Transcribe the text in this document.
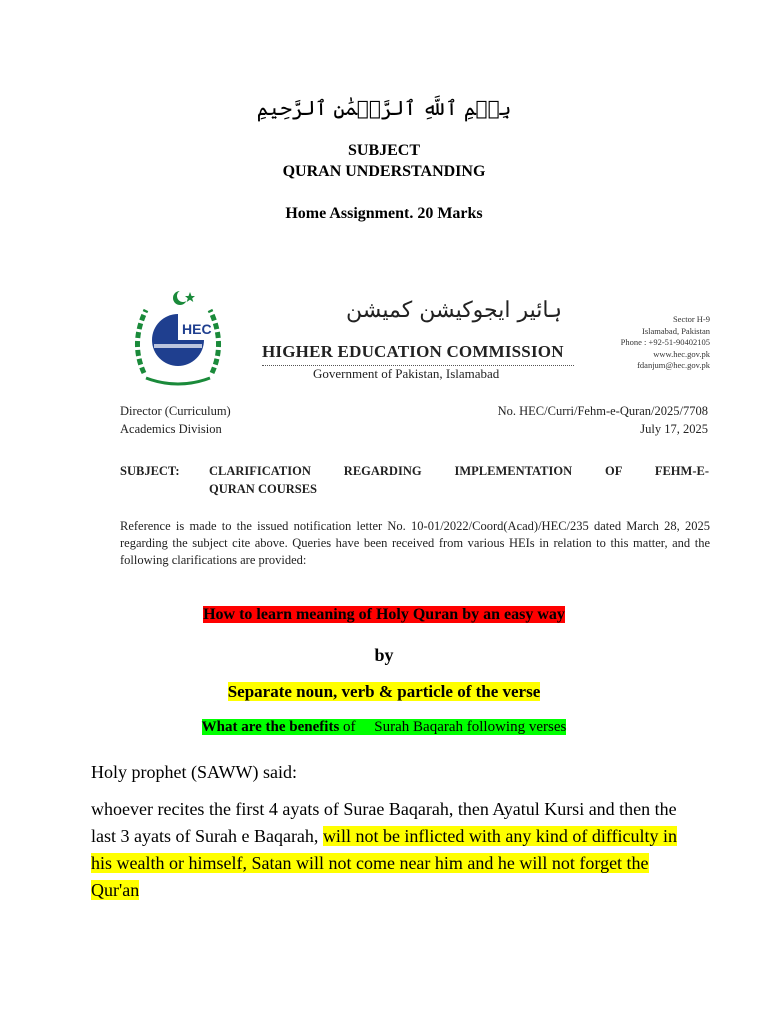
بِسۡمِ ٱللَّهِ ٱلرَّحۡمَٰنِ ٱلرَّحِيمِ
SUBJECT
QURAN UNDERSTANDING
Home Assignment. 20 Marks
HEC
ہائیر ایجوکیشن کمیشن
HIGHER EDUCATION COMMISSION
Government of Pakistan, Islamabad
Sector H-9
Islamabad, Pakistan
Phone : +92-51-90402105
www.hec.gov.pk
fdanjum@hec.gov.pk
Director (Curriculum)
Academics Division
No. HEC/Curri/Fehm-e-Quran/2025/7708
July 17, 2025
SUBJECT: CLARIFICATION REGARDING IMPLEMENTATION OF FEHM-E-
QURAN COURSES
Reference is made to the issued notification letter No. 10-01/2022/Coord(Acad)/HEC/235 dated March 28, 2025 regarding the subject cite above. Queries have been received from various HEIs in relation to this matter, and the following clarifications are provided:
How to learn meaning of Holy Quran by an easy way
by
Separate noun, verb & particle of the verse
What are the benefits of     Surah Baqarah following verses
Holy prophet (SAWW) said:
whoever recites the first 4 ayats of Surae Baqarah, then Ayatul Kursi and then the last 3 ayats of Surah e Baqarah, will not be inflicted with any kind of difficulty in his wealth or himself, Satan will not come near him and he will not forget the Qur'an
